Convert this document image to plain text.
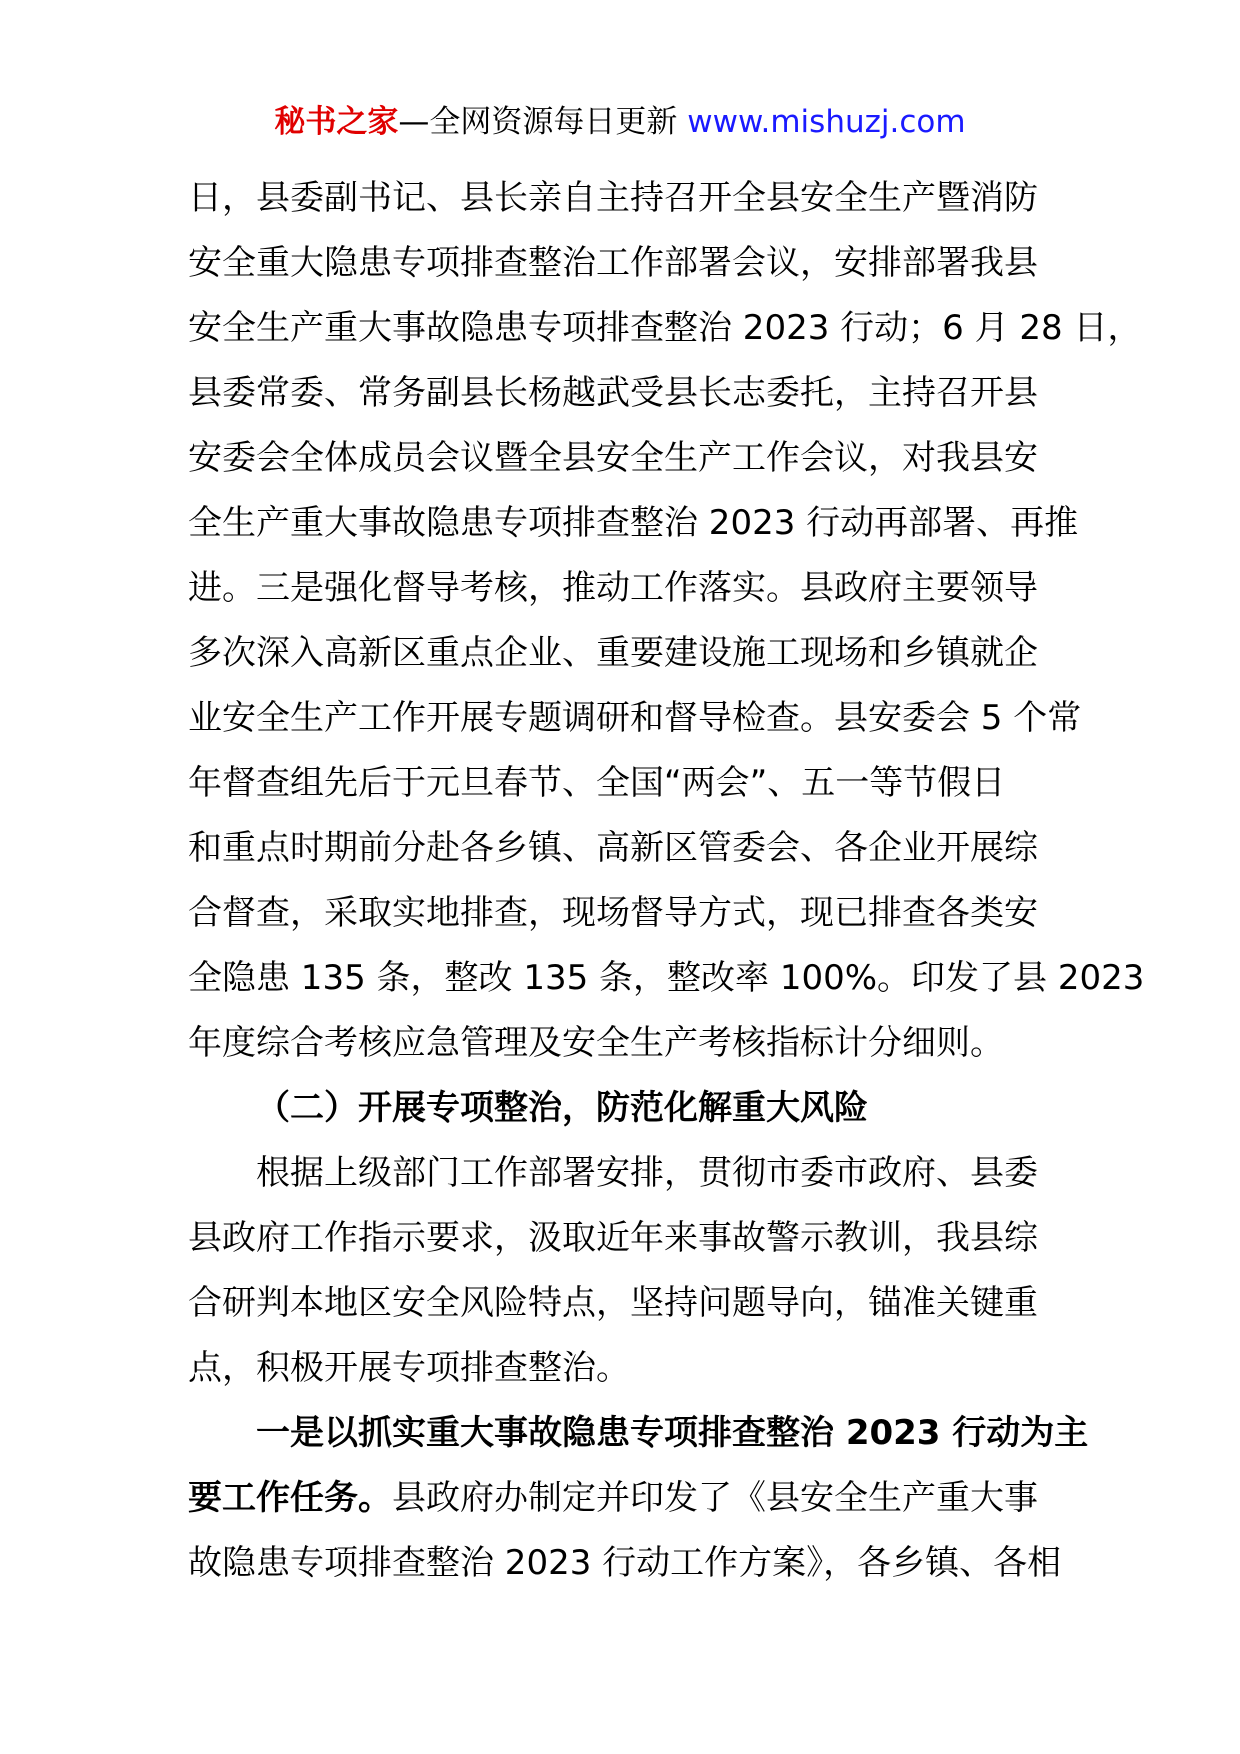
秘书之家—全网资源每日更新 www.mishuzj.com
日，县委副书记、县长亲自主持召开全县安全生产暨消防
安全重大隐患专项排查整治工作部署会议，安排部署我县
安全生产重大事故隐患专项排查整治 2023 行动；6 月 28 日，
县委常委、常务副县长杨越武受县长志委托，主持召开县
安委会全体成员会议暨全县安全生产工作会议，对我县安
全生产重大事故隐患专项排查整治 2023 行动再部署、再推
进。三是强化督导考核，推动工作落实。县政府主要领导
多次深入高新区重点企业、重要建设施工现场和乡镇就企
业安全生产工作开展专题调研和督导检查。县安委会 5 个常
年督查组先后于元旦春节、全国“两会”、五一等节假日
和重点时期前分赴各乡镇、高新区管委会、各企业开展综
合督查，采取实地排查，现场督导方式，现已排查各类安
全隐患 135 条，整改 135 条，整改率 100%。印发了县 2023
年度综合考核应急管理及安全生产考核指标计分细则。
（二）开展专项整治，防范化解重大风险
根据上级部门工作部署安排，贯彻市委市政府、县委
县政府工作指示要求，汲取近年来事故警示教训，我县综
合研判本地区安全风险特点，坚持问题导向，锚准关键重
点，积极开展专项排查整治。
一是以抓实重大事故隐患专项排查整治 2023 行动为主
要工作任务。县政府办制定并印发了《县安全生产重大事
故隐患专项排查整治 2023 行动工作方案》，各乡镇、各相
